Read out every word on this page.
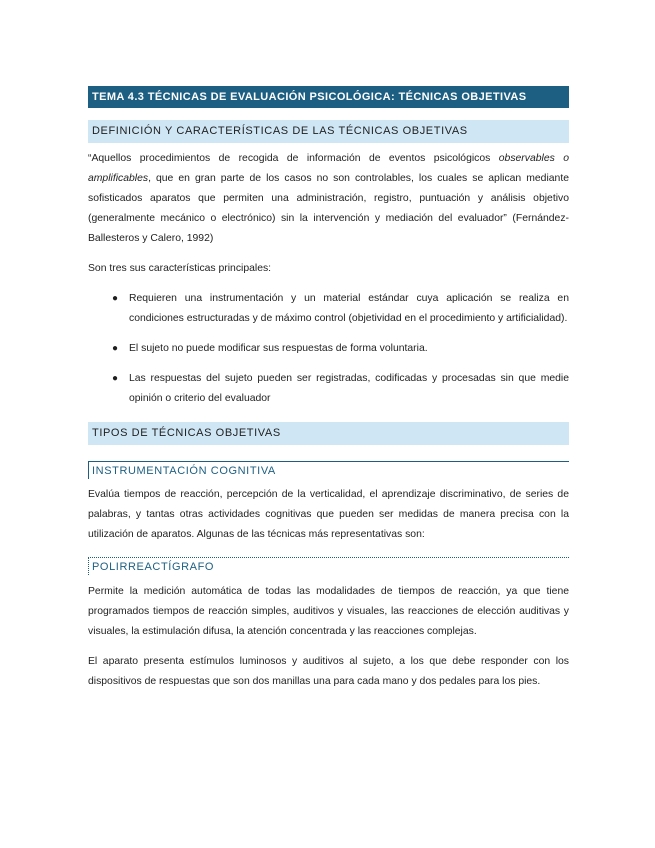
TEMA 4.3 TÉCNICAS DE EVALUACIÓN PSICOLÓGICA: TÉCNICAS OBJETIVAS
DEFINICIÓN Y CARACTERÍSTICAS DE LAS TÉCNICAS OBJETIVAS

“Aquellos procedimientos de recogida de información de eventos psicológicos observables o amplificables, que en gran parte de los casos no son controlables, los cuales se aplican mediante sofisticados aparatos que permiten una administración, registro, puntuación y análisis objetivo (generalmente mecánico o electrónico) sin la intervención y mediación del evaluador” (Fernández-Ballesteros y Calero, 1992)

Son tres sus características principales:

● Requieren una instrumentación y un material estándar cuya aplicación se realiza en condiciones estructuradas y de máximo control (objetividad en el procedimiento y artificialidad).
● El sujeto no puede modificar sus respuestas de forma voluntaria.
● Las respuestas del sujeto pueden ser registradas, codificadas y procesadas sin que medie opinión o criterio del evaluador
TIPOS DE TÉCNICAS OBJETIVAS
INSTRUMENTACIÓN COGNITIVA

Evalúa tiempos de reacción, percepción de la verticalidad, el aprendizaje discriminativo, de series de palabras, y tantas otras actividades cognitivas que pueden ser medidas de manera precisa con la utilización de aparatos. Algunas de las técnicas más representativas son:

POLIRREACTÍGRAFO

Permite la medición automática de todas las modalidades de tiempos de reacción, ya que tiene programados tiempos de reacción simples, auditivos y visuales, las reacciones de elección auditivas y visuales, la estimulación difusa, la atención concentrada y las reacciones complejas.

El aparato presenta estímulos luminosos y auditivos al sujeto, a los que debe responder con los dispositivos de respuestas que son dos manillas una para cada mano y dos pedales para los pies.
